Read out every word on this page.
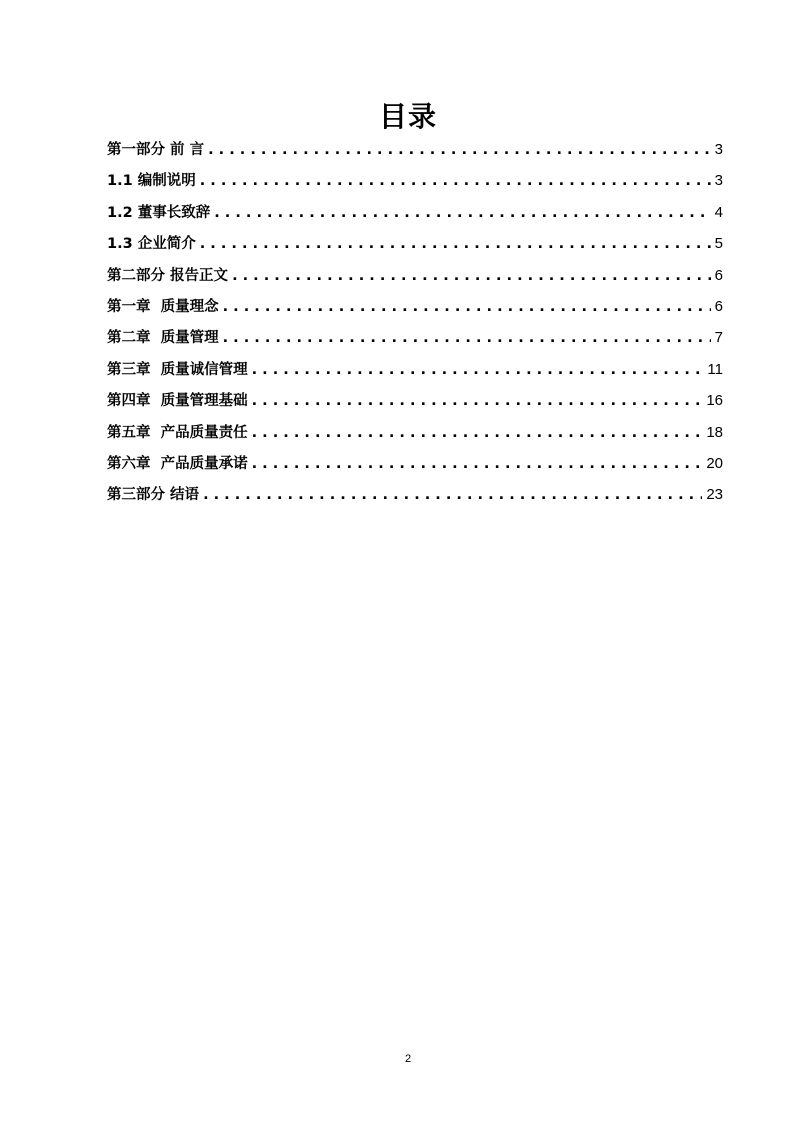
目录
第一部分 前 言 . . .	3
1.1 编制说明 . . .	3
1.2 董事长致辞 . . .	4
1.3 企业简介 . . .	5
第二部分 报告正文 . . .	6
第一章  质量理念 . . .	6
第二章  质量管理 . . .	7
第三章  质量诚信管理 . . .	11
第四章  质量管理基础 . . .	16
第五章  产品质量责任 . . .	18
第六章  产品质量承诺 . . .	20
第三部分 结语 . . .	23
2
